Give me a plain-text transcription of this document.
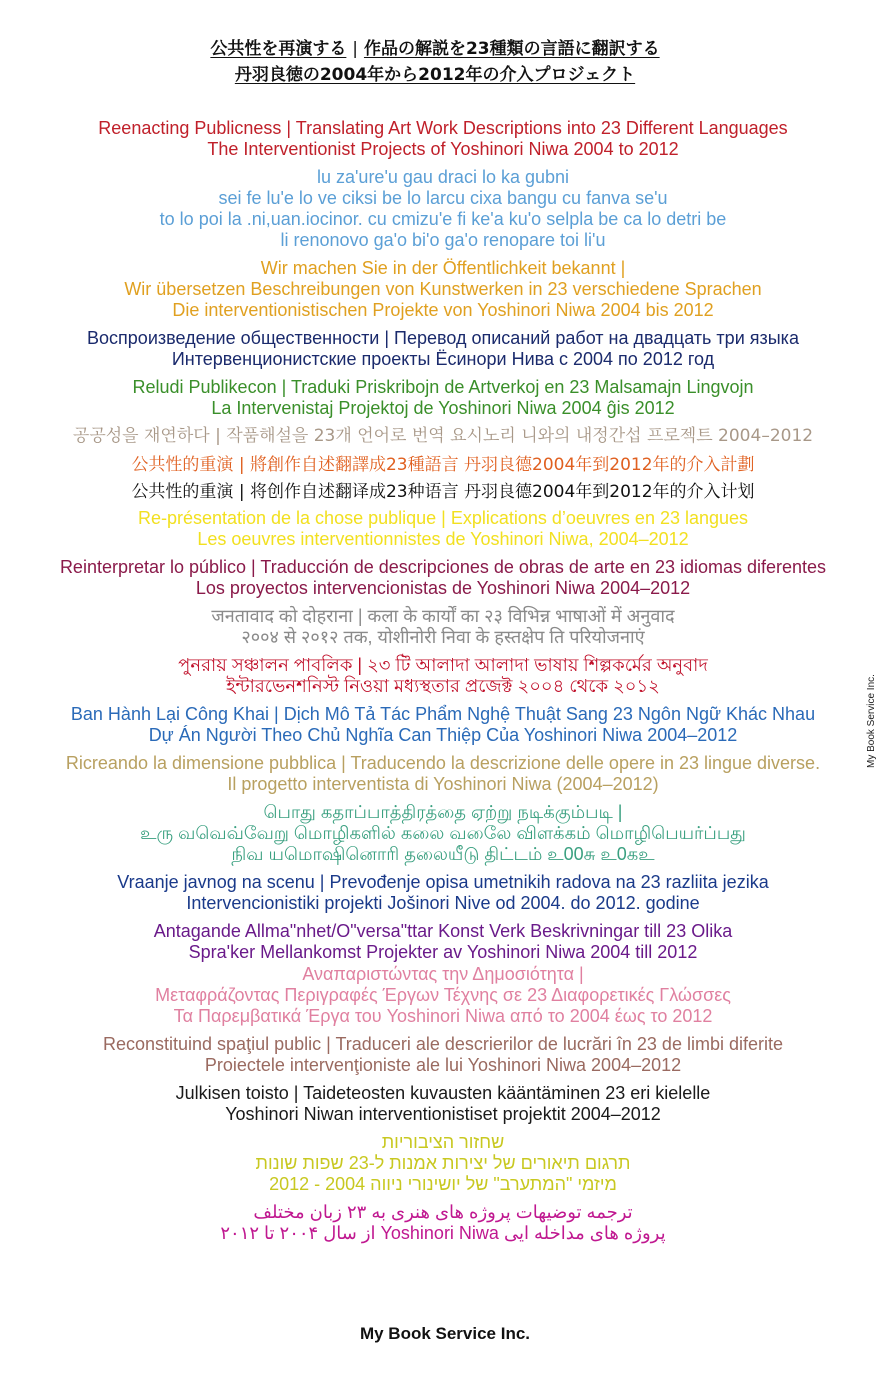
公共性を再演する | 作品の解説を23種類の言語に翻訳する
丹羽良徳の2004年から2012年の介入プロジェクト
Reenacting Publicness | Translating Art Work Descriptions into 23 Different Languages
The Interventionist Projects of Yoshinori Niwa 2004 to 2012
lu za'ure'u gau draci lo ka gubni
sei fe lu'e lo ve ciksi be lo larcu cixa bangu cu fanva se'u
to lo poi la .ni,uan.iocinor. cu cmizu'e fi ke'a ku'o selpla be ca lo detri be
li renonovo ga'o bi'o ga'o renopare toi li'u
Wir machen Sie in der Öffentlichkeit bekannt |
Wir übersetzen Beschreibungen von Kunstwerken in 23 verschiedene Sprachen
Die interventionistischen Projekte von Yoshinori Niwa 2004 bis 2012
Воспроизведение общественности | Перевод описаний работ на двадцать три языка
Интервенционистские проекты Ёсинори Нива с 2004 по 2012 год
Reludi Publikecon | Traduki Priskribojn de Artverkoj en 23 Malsamajn Lingvojn
La Intervenistaj Projektoj de Yoshinori Niwa 2004 ĝis 2012
공공성을 재연하다 | 작품해설을 23개 언어로 번역 요시노리 니와의 내정간섭 프로젝트 2004–2012
公共性的重演 | 將創作自述翻譯成23種語言 丹羽良德2004年到2012年的介入計劃
公共性的重演 | 将创作自述翻译成23种语言 丹羽良德2004年到2012年的介入计划
Re-présentation de la chose publique | Explications d’oeuvres en 23 langues
Les oeuvres interventionnistes de Yoshinori Niwa, 2004–2012
Reinterpretar lo público | Traducción de descripciones de obras de arte en 23 idiomas diferentes
Los proyectos intervencionistas de Yoshinori Niwa 2004–2012
जनतावाद को दोहराना | कला के कार्यों का २३ विभिन्न भाषाओं में अनुवाद
२००४ से २०१२ तक, योशीनोरी निवा के हस्तक्षेप ति परियोजनाएं
পুনরায় সঞ্চালন পাবলিক | ২৩ টি আলাদা আলাদা ভাষায় শিল্পকর্মের অনুবাদ
ইন্টারভেনশনিস্ট নিওয়া মধ্যস্থতার প্রজেক্ট ২০০৪ থেকে ২০১২
Ban Hành Lại Công Khai | Dịch Mô Tả Tác Phẩm Nghệ Thuật Sang 23 Ngôn Ngữ Khác Nhau
Dự Án Người Theo Chủ Nghĩa Can Thiệp Của Yoshinori Niwa 2004–2012
Ricreando la dimensione pubblica | Traducendo la descrizione delle opere in 23 lingue diverse.
Il progetto interventista di Yoshinori Niwa (2004–2012)
பொது கதாப்பாத்திரத்தை ஏற்று நடிக்கும்படி |
உரு வவெவ்வேறு மொழிகளில் கலை வலேை விளக்கம் மொழிபெயர்ப்பது
நிவ யமொஷினொரி தலையீடு திட்டம் உ00சு உ0கஉ
Vraanje javnog na scenu | Prevođenje opisa umetnikih radova na 23 razliita jezika
Intervencionistiki projekti Jošinori Nive od 2004. do 2012. godine
Antagande Allma"nhet/O"versa"ttar Konst Verk Beskrivningar till 23 Olika
Spra'ker Mellankomst Projekter av Yoshinori Niwa 2004 till 2012
Αναπαριστώντας την Δημοσιότητα |
Μεταφράζοντας Περιγραφές Έργων Τέχνης σε 23 Διαφορετικές Γλώσσες
Τα Παρεμβατικά Έργα του Yoshinori Niwa από το 2004 έως το 2012
Reconstituind spaţiul public | Traduceri ale descrierilor de lucrări în 23 de limbi diferite
Proiectele intervenţioniste ale lui Yoshinori Niwa 2004–2012
Julkisen toisto | Taideteosten kuvausten kääntäminen 23 eri kielelle
Yoshinori Niwan interventionistiset projektit 2004–2012
שחזור הציבוריות
תרגום תיאורים של יצירות אמנות ל-23 שפות שונות
מיזמי "המתערב" של יושינורי ניווה 2004 - 2012
ترجمه توضیهات پروژه های هنری به ۲۳ زبان مختلف
پروژه های مداخله ایی Yoshinori Niwa از سال ۲۰۰۴ تا ۲۰۱۲
My Book Service Inc.
My Book Service Inc.
